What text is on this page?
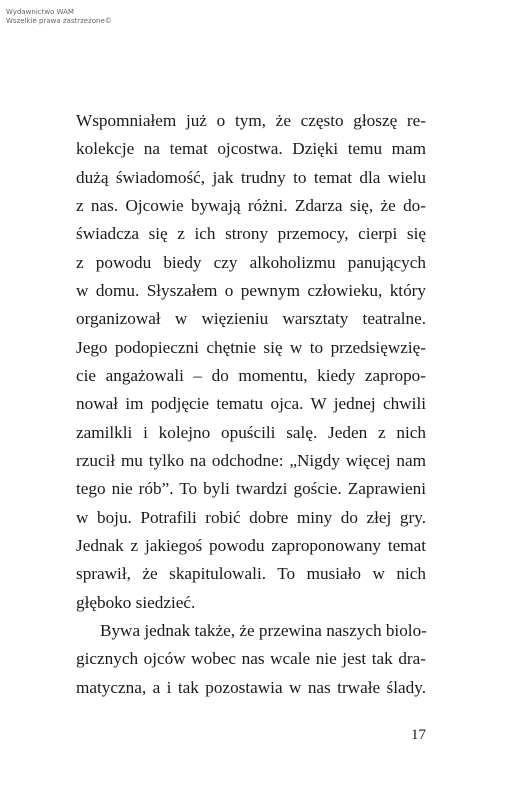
Wydawnictwo WAM
Wszelkie prawa zastrzeżone©
Wspomniałem już o tym, że często głoszę re-
kolekcje na temat ojcostwa. Dzięki temu mam
dużą świadomość, jak trudny to temat dla wielu
z nas. Ojcowie bywają różni. Zdarza się, że do-
świadcza się z ich strony przemocy, cierpi się
z powodu biedy czy alkoholizmu panujących
w domu. Słyszałem o pewnym człowieku, który
organizował w więzieniu warsztaty teatralne.
Jego podopieczni chętnie się w to przedsięwzię-
cie angażowali – do momentu, kiedy zapropo-
nował im podjęcie tematu ojca. W jednej chwili
zamilkli i kolejno opuścili salę. Jeden z nich
rzucił mu tylko na odchodne: „Nigdy więcej nam
tego nie rób”. To byli twardzi goście. Zaprawieni
w boju. Potrafili robić dobre miny do złej gry.
Jednak z jakiegoś powodu zaproponowany temat
sprawił, że skapitulowali. To musiało w nich
głęboko siedzieć.
Bywa jednak także, że przewina naszych biolo-
gicznych ojców wobec nas wcale nie jest tak dra-
matyczna, a i tak pozostawia w nas trwałe ślady.
17
